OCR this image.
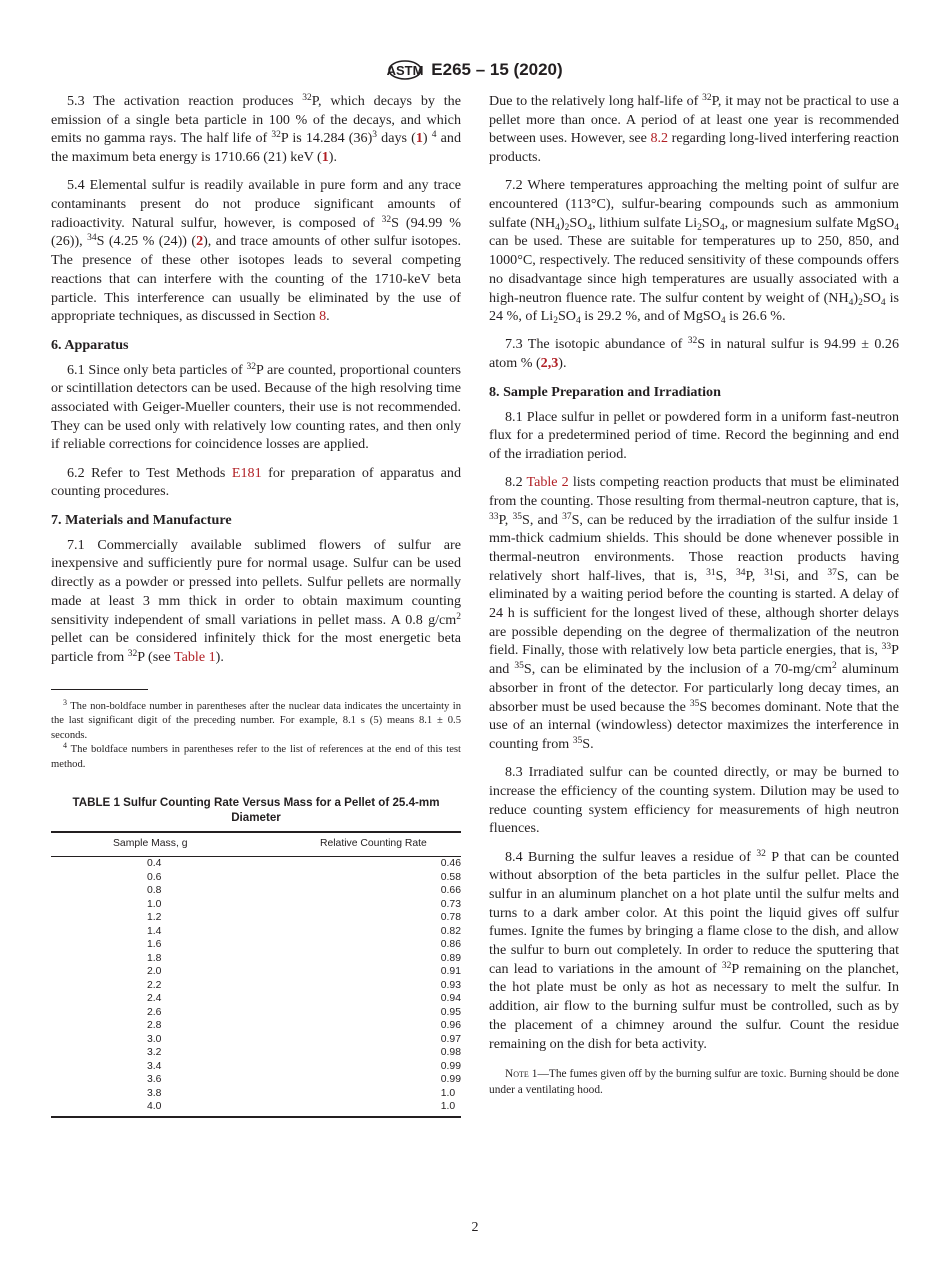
ASTM E265 – 15 (2020)

5.3 The activation reaction produces $^{32}$P, which decays by the emission of a single beta particle in 100 % of the decays, and which emits no gamma rays. The half life of $^{32}$P is 14.284 $(36)^3$ days (1) $^4$ and the maximum beta energy is 1710.66 (21) keV (1).

5.4 Elemental sulfur is readily available in pure form and any trace contaminants present do not produce significant amounts of radioactivity. Natural sulfur, however, is composed of $^{32}$S (94.99 % (26)), $^{34}$S (4.25 % (24)) (2), and trace amounts of other sulfur isotopes. The presence of these other isotopes leads to several competing reactions that can interfere with the counting of the 1710-keV beta particle. This interference can usually be eliminated by the use of appropriate techniques, as discussed in Section 8.

6. Apparatus

6.1 Since only beta particles of $^{32}$P are counted, proportional counters or scintillation detectors can be used. Because of the high resolving time associated with Geiger-Mueller counters, their use is not recommended. They can be used only with relatively low counting rates, and then only if reliable corrections for coincidence losses are applied.

6.2 Refer to Test Methods E181 for preparation of apparatus and counting procedures.

7. Materials and Manufacture

7.1 Commercially available sublimed flowers of sulfur are inexpensive and sufficiently pure for normal usage. Sulfur can be used directly as a powder or pressed into pellets. Sulfur pellets are normally made at least 3 mm thick in order to obtain maximum counting sensitivity independent of small variations in pellet mass. A 0.8 $g/cm^2$ pellet can be considered infinitely thick for the most energetic beta particle from $^{32}$P (see Table 1).

$^3$ The non-boldface number in parentheses after the nuclear data indicates the uncertainty in the last significant digit of the preceding number. For example, 8.1 s (5) means 8.1 ± 0.5 seconds.

$^4$ The boldface numbers in parentheses refer to the list of references at the end of this test method.

TABLE 1 Sulfur Counting Rate Versus Mass for a Pellet of 25.4-mm Diameter
Sample Mass, g	Relative Counting Rate
0.4	0.46
0.6	0.58
0.8	0.66
1.0	0.73
1.2	0.78
1.4	0.82
1.6	0.86
1.8	0.89
2.0	0.91
2.2	0.93
2.4	0.94
2.6	0.95
2.8	0.96
3.0	0.97
3.2	0.98
3.4	0.99
3.6	0.99
3.8	1.0
4.0	1.0

Due to the relatively long half-life of $^{32}$P, it may not be practical to use a pellet more than once. A period of at least one year is recommended between uses. However, see 8.2 regarding long-lived interfering reaction products.

7.2 Where temperatures approaching the melting point of sulfur are encountered (113°C), sulfur-bearing compounds such as ammonium sulfate $(NH_4)_2SO_4$, lithium sulfate $Li_2SO_4$, or magnesium sulfate MgSO$_4$ can be used. These are suitable for temperatures up to 250, 850, and 1000°C, respectively. The reduced sensitivity of these compounds offers no disadvantage since high temperatures are usually associated with a high-neutron fluence rate. The sulfur content by weight of $(NH_4)_2SO_4$ is 24 %, of $Li_2SO_4$ is 29.2 %, and of MgSO$_4$ is 26.6 %.

7.3 The isotopic abundance of $^{32}$S in natural sulfur is 94.99 ± 0.26 atom % (2,3).

8. Sample Preparation and Irradiation

8.1 Place sulfur in pellet or powdered form in a uniform fast-neutron flux for a predetermined period of time. Record the beginning and end of the irradiation period.

8.2 Table 2 lists competing reaction products that must be eliminated from the counting. Those resulting from thermal-neutron capture, that is, $^{33}$P, $^{35}$S, and $^{37}$S, can be reduced by the irradiation of the sulfur inside 1 mm-thick cadmium shields. This should be done whenever possible in thermal-neutron environments. Those reaction products having relatively short half-lives, that is, $^{31}$S, $^{34}$P, $^{31}$Si, and $^{37}$S, can be eliminated by a waiting period before the counting is started. A delay of 24 h is sufficient for the longest lived of these, although shorter delays are possible depending on the degree of thermalization of the neutron field. Finally, those with relatively low beta particle energies, that is, $^{33}$P and $^{35}$S, can be eliminated by the inclusion of a $70-mg/cm^2$ aluminum absorber in front of the detector. For particularly long decay times, an absorber must be used because the $^{35}$S becomes dominant. Note that the use of an internal (windowless) detector maximizes the interference in counting from $^{35}$S.

8.3 Irradiated sulfur can be counted directly, or may be burned to increase the efficiency of the counting system. Dilution may be used to reduce counting system efficiency for measurements of high neutron fluences.

8.4 Burning the sulfur leaves a residue of $^{32}$ P that can be counted without absorption of the beta particles in the sulfur pellet. Place the sulfur in an aluminum planchet on a hot plate until the sulfur melts and turns to a dark amber color. At this point the liquid gives off sulfur fumes. Ignite the fumes by bringing a flame close to the dish, and allow the sulfur to burn out completely. In order to reduce the sputtering that can lead to variations in the amount of $^{32}$P remaining on the planchet, the hot plate must be only as hot as necessary to melt the sulfur. In addition, air flow to the burning sulfur must be controlled, such as by the placement of a chimney around the sulfur. Count the residue remaining on the dish for beta activity.

Note 1—The fumes given off by the burning sulfur are toxic. Burning should be done under a ventilating hood.

2
